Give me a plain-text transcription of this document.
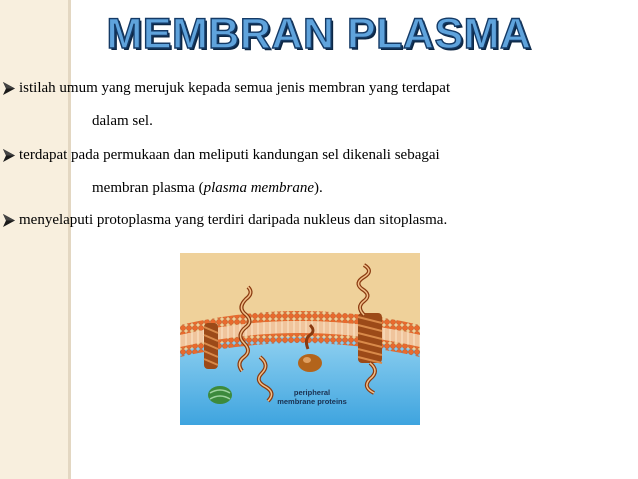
MEMBRAN PLASMA
istilah umum yang merujuk kepada semua jenis membran yang terdapat
dalam sel.
terdapat pada permukaan dan meliputi kandungan sel dikenali sebagai
membran plasma (plasma membrane).
menyelaputi protoplasma yang terdiri daripada nukleus dan sitoplasma.
peripheral
membrane proteins
